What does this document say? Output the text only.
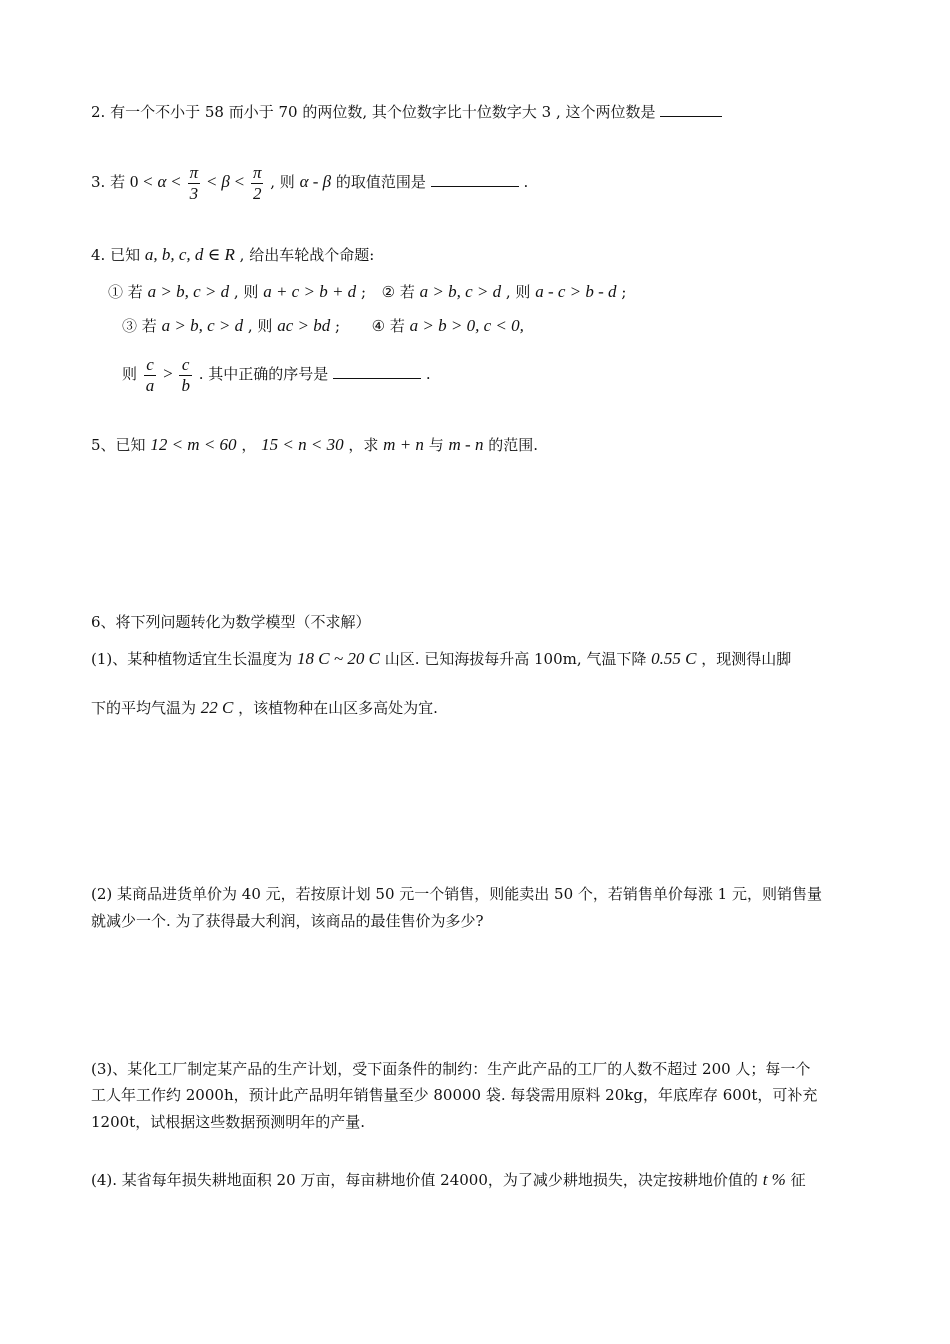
2. 有一个不小于 58 而小于 70 的两位数, 其个位数字比十位数字大 3 , 这个两位数是
3. 若 $0 < \alpha < \frac{\pi}{3} < \beta < \frac{\pi}{2}$ , 则 α - β 的取值范围是	.
4. 已知 a, b, c, d ∈ R , 给出车轮战个命题:
① 若 a > b, c > d , 则 a + c > b + d ; ② 若 a > b, c > d , 则 a - c > b - d ;
③ 若 a > b, c > d , 则 ac > bd ; ④ 若 a > b > 0, c < 0,
则 $\frac{c}{a} > \frac{c}{b}$ . 其中正确的序号是	.
5、已知 12 < m < 60 ， 15 < n < 30 ，求 m + n 与 m - n 的范围.
6、将下列问题转化为数学模型（不求解）
(1)、某种植物适宜生长温度为 18 C ~ 20 C 山区. 已知海拔每升高 100m, 气温下降 0.55 C ，现测得山脚
下的平均气温为 22 C ，该植物种在山区多高处为宜.
(2) 某商品进货单价为 40 元，若按原计划 50 元一个销售，则能卖出 50 个，若销售单价每涨 1 元，则销售量
就减少一个. 为了获得最大利润，该商品的最佳售价为多少?
(3)、某化工厂制定某产品的生产计划，受下面条件的制约：生产此产品的工厂的人数不超过 200 人；每一个
工人年工作约 2000h，预计此产品明年销售量至少 80000 袋. 每袋需用原料 20kg，年底库存 600t，可补充
1200t，试根据这些数据预测明年的产量.
(4). 某省每年损失耕地面积 20 万亩，每亩耕地价值 24000，为了减少耕地损失，决定按耕地价值的 t % 征
